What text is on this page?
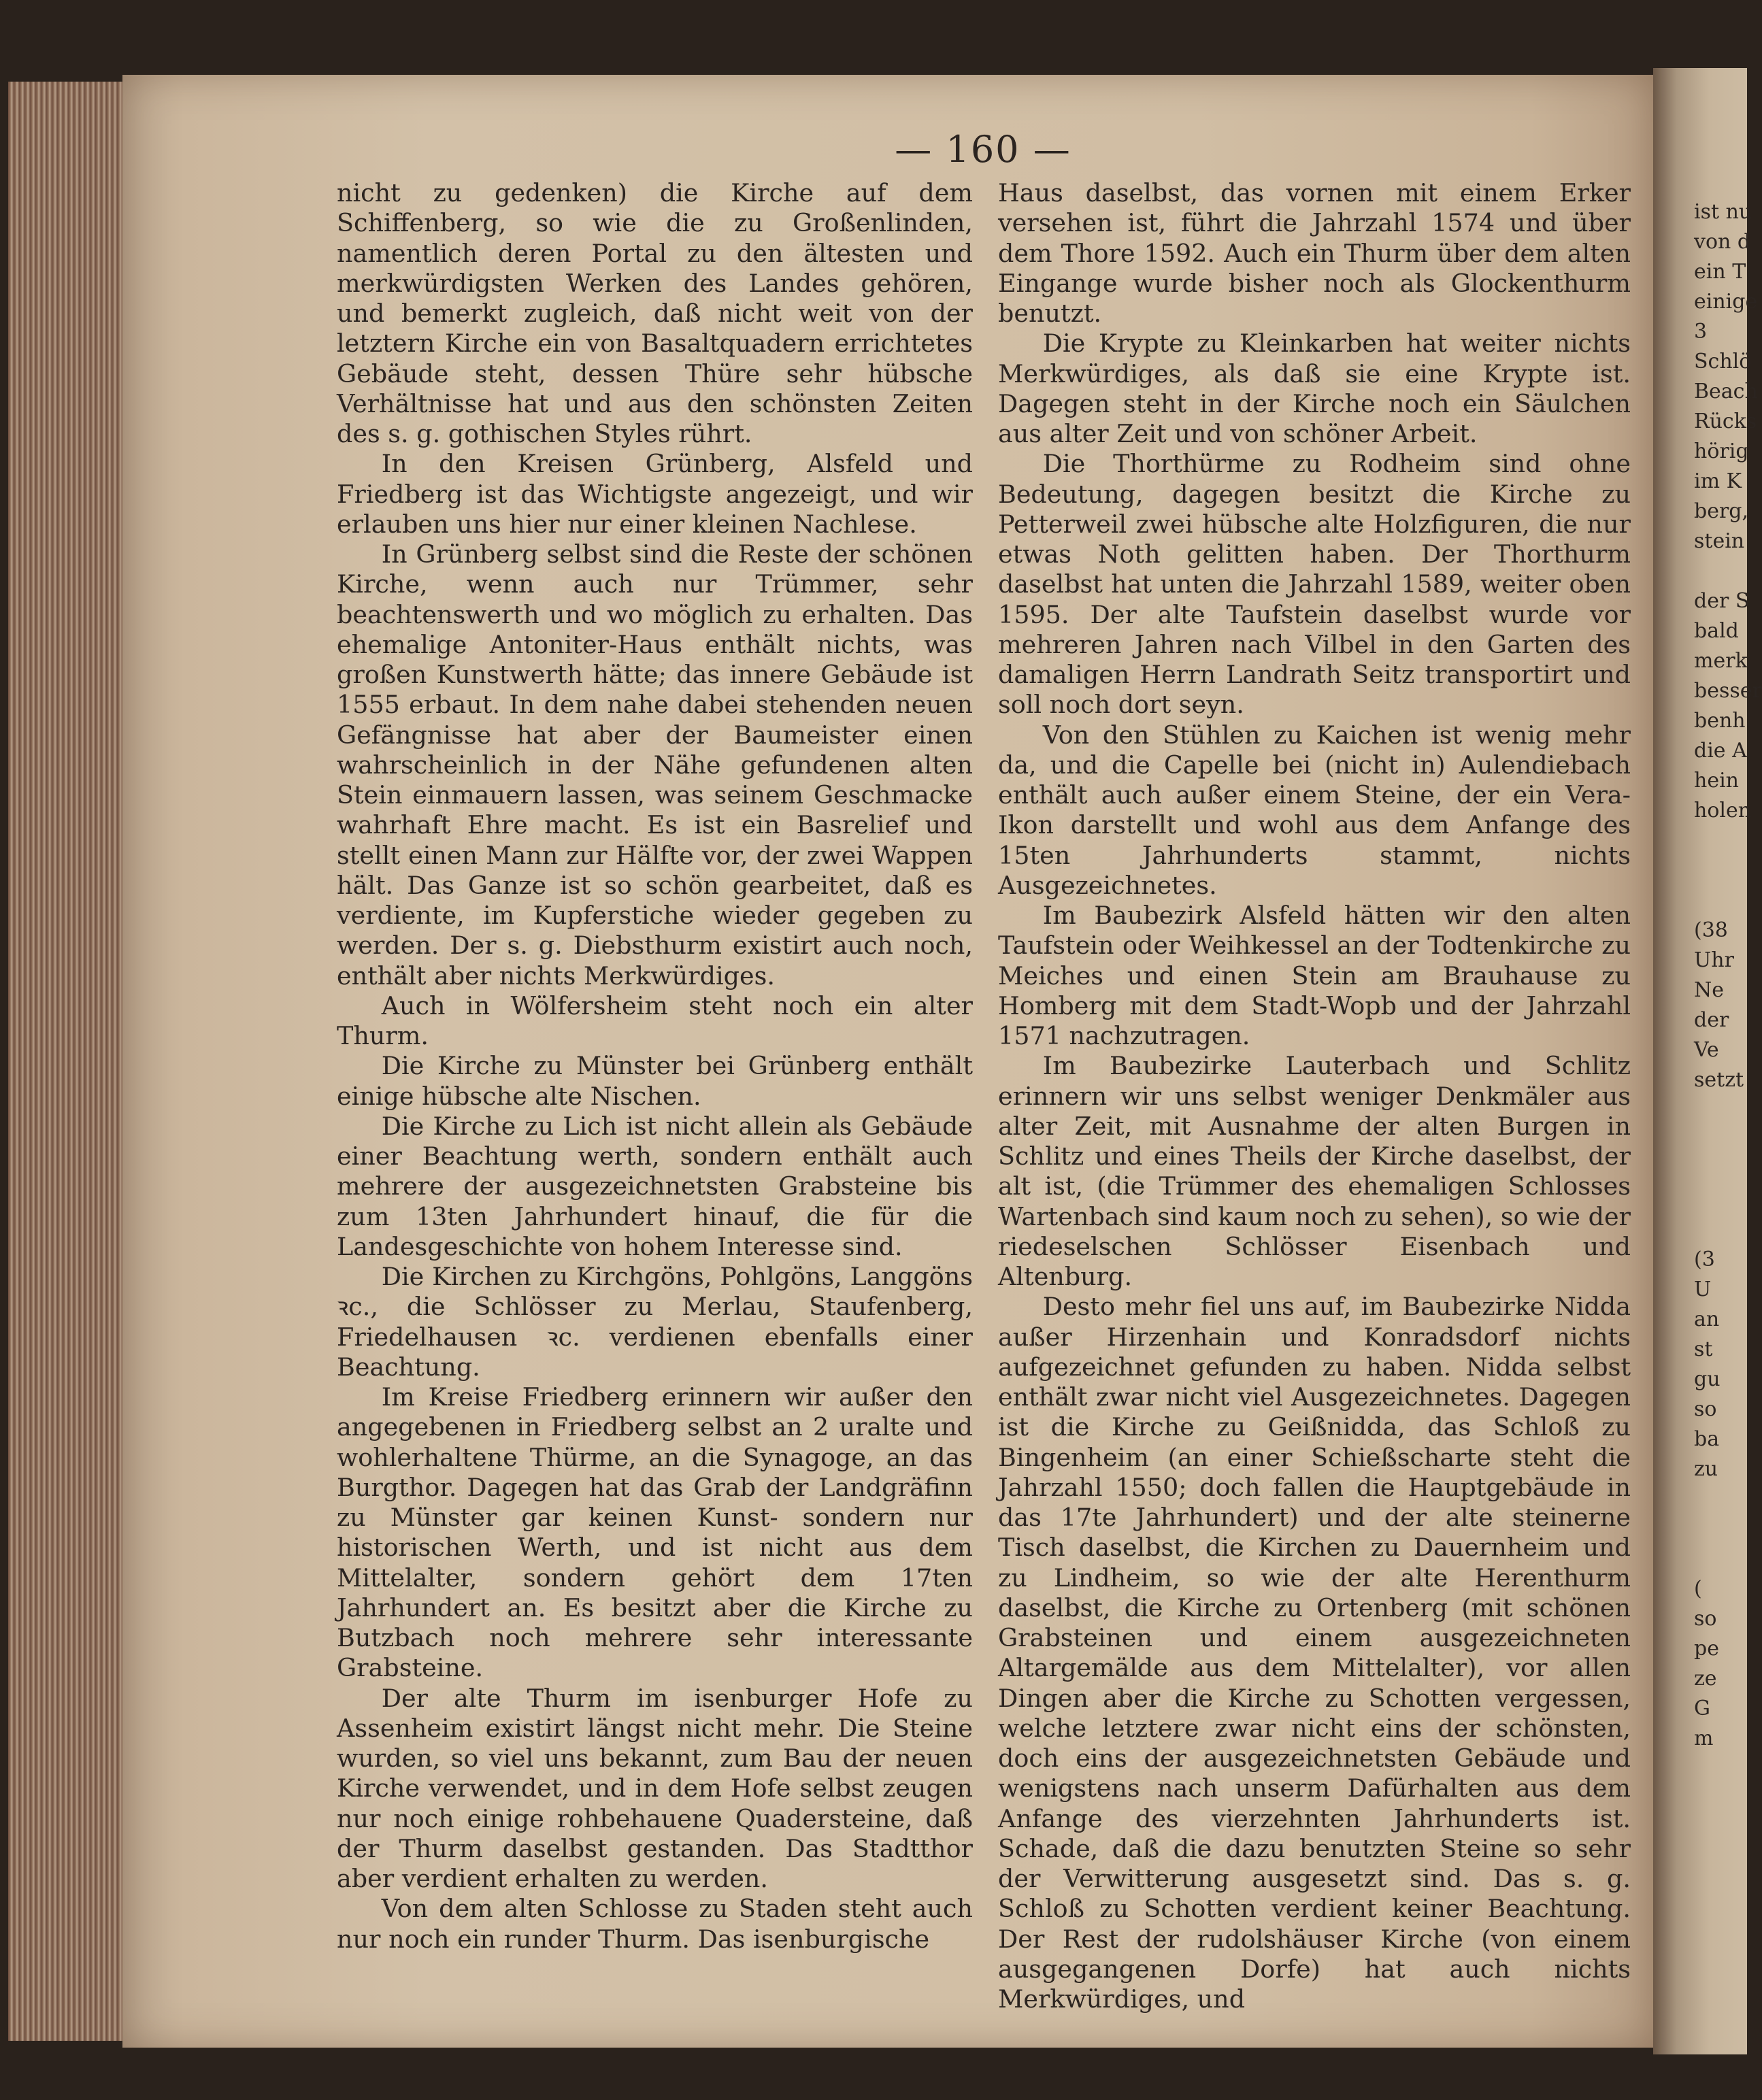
— 160 —

nicht zu gedenken) die Kirche auf dem Schiffenberg, so wie die zu Großenlinden, namentlich deren Portal zu den ältesten und merkwürdigsten Werken des Landes gehören, und bemerkt zugleich, daß nicht weit von der letztern Kirche ein von Basaltquadern errichtetes Gebäude steht, dessen Thüre sehr hübsche Verhältnisse hat und aus den schönsten Zeiten des s. g. gothischen Styles rührt.

In den Kreisen Grünberg, Alsfeld und Friedberg ist das Wichtigste angezeigt, und wir erlauben uns hier nur einer kleinen Nachlese.

In Grünberg selbst sind die Reste der schönen Kirche, wenn auch nur Trümmer, sehr beachtenswerth und wo möglich zu erhalten. Das ehemalige Antoniter-Haus enthält nichts, was großen Kunstwerth hätte; das innere Gebäude ist 1555 erbaut. In dem nahe dabei stehenden neuen Gefängnisse hat aber der Baumeister einen wahrscheinlich in der Nähe gefundenen alten Stein einmauern lassen, was seinem Geschmacke wahrhaft Ehre macht. Es ist ein Basrelief und stellt einen Mann zur Hälfte vor, der zwei Wappen hält. Das Ganze ist so schön gearbeitet, daß es verdiente, im Kupferstiche wieder gegeben zu werden. Der s. g. Diebsthurm existirt auch noch, enthält aber nichts Merkwürdiges.

Auch in Wölfersheim steht noch ein alter Thurm.

Die Kirche zu Münster bei Grünberg enthält einige hübsche alte Nischen.

Die Kirche zu Lich ist nicht allein als Gebäude einer Beachtung werth, sondern enthält auch mehrere der ausgezeichnetsten Grabsteine bis zum 13ten Jahrhundert hinauf, die für die Landesgeschichte von hohem Interesse sind.

Die Kirchen zu Kirchgöns, Pohlgöns, Langgöns ꝛc., die Schlösser zu Merlau, Staufenberg, Friedelhausen ꝛc. verdienen ebenfalls einer Beachtung.

Im Kreise Friedberg erinnern wir außer den angegebenen in Friedberg selbst an 2 uralte und wohlerhaltene Thürme, an die Synagoge, an das Burgthor. Dagegen hat das Grab der Landgräfinn zu Münster gar keinen Kunst- sondern nur historischen Werth, und ist nicht aus dem Mittelalter, sondern gehört dem 17ten Jahrhundert an. Es besitzt aber die Kirche zu Butzbach noch mehrere sehr interessante Grabsteine.

Der alte Thurm im isenburger Hofe zu Assenheim existirt längst nicht mehr. Die Steine wurden, so viel uns bekannt, zum Bau der neuen Kirche verwendet, und in dem Hofe selbst zeugen nur noch einige rohbehauene Quadersteine, daß der Thurm daselbst gestanden. Das Stadtthor aber verdient erhalten zu werden.

Von dem alten Schlosse zu Staden steht auch nur noch ein runder Thurm. Das isenburgische

Haus daselbst, das vornen mit einem Erker versehen ist, führt die Jahrzahl 1574 und über dem Thore 1592. Auch ein Thurm über dem alten Eingange wurde bisher noch als Glockenthurm benutzt.

Die Krypte zu Kleinkarben hat weiter nichts Merkwürdiges, als daß sie eine Krypte ist. Dagegen steht in der Kirche noch ein Säulchen aus alter Zeit und von schöner Arbeit.

Die Thorthürme zu Rodheim sind ohne Bedeutung, dagegen besitzt die Kirche zu Petterweil zwei hübsche alte Holzfiguren, die nur etwas Noth gelitten haben. Der Thorthurm daselbst hat unten die Jahrzahl 1589, weiter oben 1595. Der alte Taufstein daselbst wurde vor mehreren Jahren nach Vilbel in den Garten des damaligen Herrn Landrath Seitz transportirt und soll noch dort seyn.

Von den Stühlen zu Kaichen ist wenig mehr da, und die Capelle bei (nicht in) Aulendiebach enthält auch außer einem Steine, der ein Vera-Ikon darstellt und wohl aus dem Anfange des 15ten Jahrhunderts stammt, nichts Ausgezeichnetes.

Im Baubezirk Alsfeld hätten wir den alten Taufstein oder Weihkessel an der Todtenkirche zu Meiches und einen Stein am Brauhause zu Homberg mit dem Stadt-Wopb und der Jahrzahl 1571 nachzutragen.

Im Baubezirke Lauterbach und Schlitz erinnern wir uns selbst weniger Denkmäler aus alter Zeit, mit Ausnahme der alten Burgen in Schlitz und eines Theils der Kirche daselbst, der alt ist, (die Trümmer des ehemaligen Schlosses Wartenbach sind kaum noch zu sehen), so wie der riedeselschen Schlösser Eisenbach und Altenburg.

Desto mehr fiel uns auf, im Baubezirke Nidda außer Hirzenhain und Konradsdorf nichts aufgezeichnet gefunden zu haben. Nidda selbst enthält zwar nicht viel Ausgezeichnetes. Dagegen ist die Kirche zu Geißnidda, das Schloß zu Bingenheim (an einer Schießscharte steht die Jahrzahl 1550; doch fallen die Hauptgebäude in das 17te Jahrhundert) und der alte steinerne Tisch daselbst, die Kirchen zu Dauernheim und zu Lindheim, so wie der alte Herenthurm daselbst, die Kirche zu Ortenberg (mit schönen Grabsteinen und einem ausgezeichneten Altargemälde aus dem Mittelalter), vor allen Dingen aber die Kirche zu Schotten vergessen, welche letztere zwar nicht eins der schönsten, doch eins der ausgezeichnetsten Gebäude und wenigstens nach unserm Dafürhalten aus dem Anfange des vierzehnten Jahrhunderts ist. Schade, daß die dazu benutzten Steine so sehr der Verwitterung ausgesetzt sind. Das s. g. Schloß zu Schotten verdient keiner Beachtung. Der Rest der rudolshäuser Kirche (von einem ausgegangenen Dorfe) hat auch nichts Merkwürdiges, und

ist nu
von d
ein T
einige
3
Schlö
Beach
Rücks
hörig
im K
berg,
stein
der S
bald
merk
besser
benh
die A
hein
holen
(38
Uhr
Ne
der
Ve
setzt
(3
U
an
st
gu
so
ba
zu
(
so
pe
ze
G
m
